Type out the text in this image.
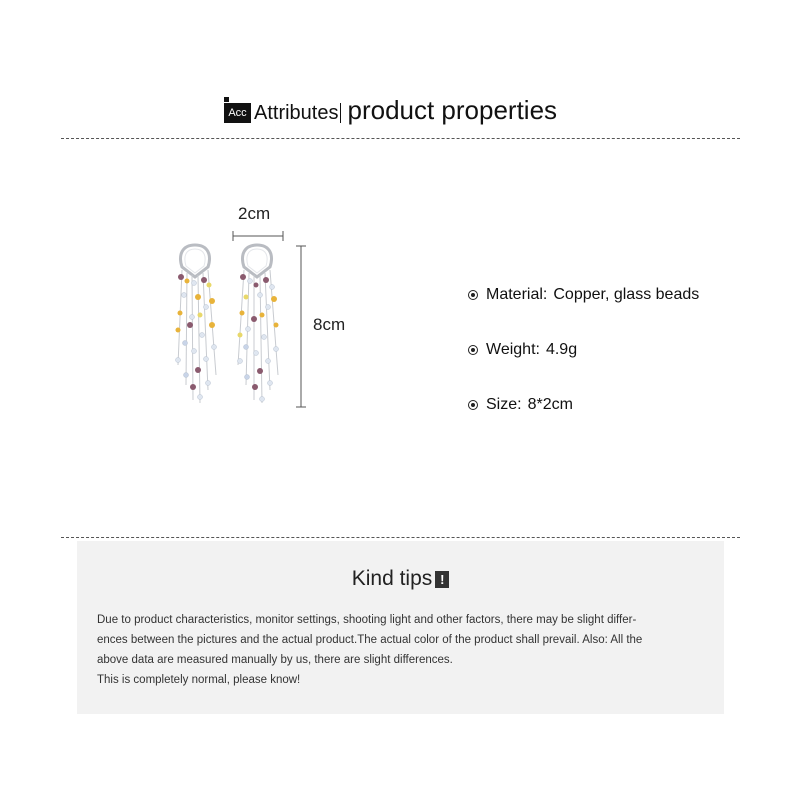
Acc Attributes product properties
2cm
8cm
Material: Copper, glass beads
Weight: 4.9g
Size: 8*2cm
Kind tips !

Due to product characteristics, monitor settings, shooting light and other factors, there may be slight differ-

ences between the pictures and the actual product.The actual color of the product shall prevail. Also: All the

above data are measured manually by us, there are slight differences.

This is completely normal, please know!
